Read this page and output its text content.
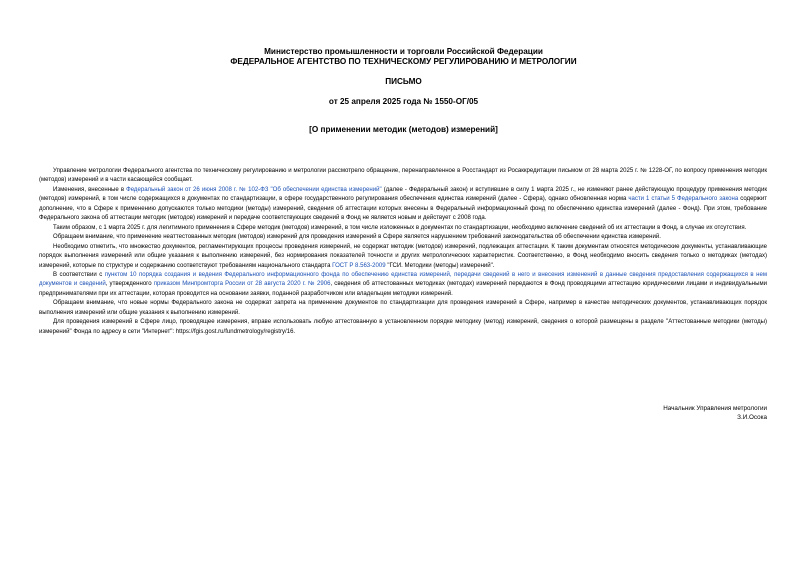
Министерство промышленности и торговли Российской Федерации
ФЕДЕРАЛЬНОЕ АГЕНТСТВО ПО ТЕХНИЧЕСКОМУ РЕГУЛИРОВАНИЮ И МЕТРОЛОГИИ
ПИСЬМО
от 25 апреля 2025 года № 1550-ОГ/05
[О применении методик (методов) измерений]

Управление метрологии Федерального агентства по техническому регулированию и метрологии рассмотрело обращение, перенаправленное в Росстандарт из Росаккредитации письмом от 28 марта 2025 г. № 1228-ОГ, по вопросу применения методик (методов) измерений и в части касающейся сообщает.

Изменения, внесенные в Федеральный закон от 26 июня 2008 г. № 102-ФЗ "Об обеспечении единства измерений" (далее - Федеральный закон) и вступившие в силу 1 марта 2025 г., не изменяют ранее действующую процедуру применения методик (методов) измерений, в том числе содержащихся в документах по стандартизации, в сфере государственного регулирования обеспечения единства измерений (далее - Сфера), однако обновленная норма части 1 статьи 5 Федерального закона содержит дополнение, что в Сфере к применению допускаются только методики (методы) измерений, сведения об аттестации которых внесены в Федеральный информационный фонд по обеспечению единства измерений (далее - Фонд). При этом, требование Федерального закона об аттестации методик (методов) измерений и передаче соответствующих сведений в Фонд не является новым и действует с 2008 года.

Таким образом, с 1 марта 2025 г. для легитимного применения в Сфере методик (методов) измерений, в том числе изложенных в документах по стандартизации, необходимо включение сведений об их аттестации в Фонд, в случае их отсутствия.

Обращаем внимание, что применение неаттестованных методик (методов) измерений для проведения измерений в Сфере является нарушением требований законодательства об обеспечении единства измерений.

Необходимо отметить, что множество документов, регламентирующих процессы проведения измерений, не содержат методик (методов) измерений, подлежащих аттестации. К таким документам относятся методические документы, устанавливающие порядок выполнения измерений или общие указания к выполнению измерений, без нормирования показателей точности и других метрологических характеристик. Соответственно, в Фонд необходимо вносить сведения только о методиках (методах) измерений, которые по структуре и содержанию соответствуют требованиям национального стандарта ГОСТ Р 8.563-2009 "ГСИ. Методики (методы) измерений".

В соответствии с пунктом 10 порядка создания и ведения Федерального информационного фонда по обеспечению единства измерений, передачи сведений в него и внесения изменений в данные сведения предоставления содержащихся в нем документов и сведений, утвержденного приказом Минпромторга России от 28 августа 2020 г. № 2906, сведения об аттестованных методиках (методах) измерений передаются в Фонд проводящими аттестацию юридическими лицами и индивидуальными предпринимателями при их аттестации, которая проводится на основании заявки, поданной разработчиком или владельцем методики измерений.

Обращаем внимание, что новые нормы Федерального закона не содержат запрета на применение документов по стандартизации для проведения измерений в Сфере, например в качестве методических документов, устанавливающих порядок выполнения измерений или общие указания к выполнению измерений.

Для проведения измерений в Сфере лицо, проводящее измерения, вправе использовать любую аттестованную в установленном порядке методику (метод) измерений, сведения о которой размещены в разделе "Аттестованные методики (методы) измерений" Фонда по адресу в сети "Интернет": https://fgis.gost.ru/fundmetrology/registry/16.

Начальник Управления метрологии
З.И.Осока
